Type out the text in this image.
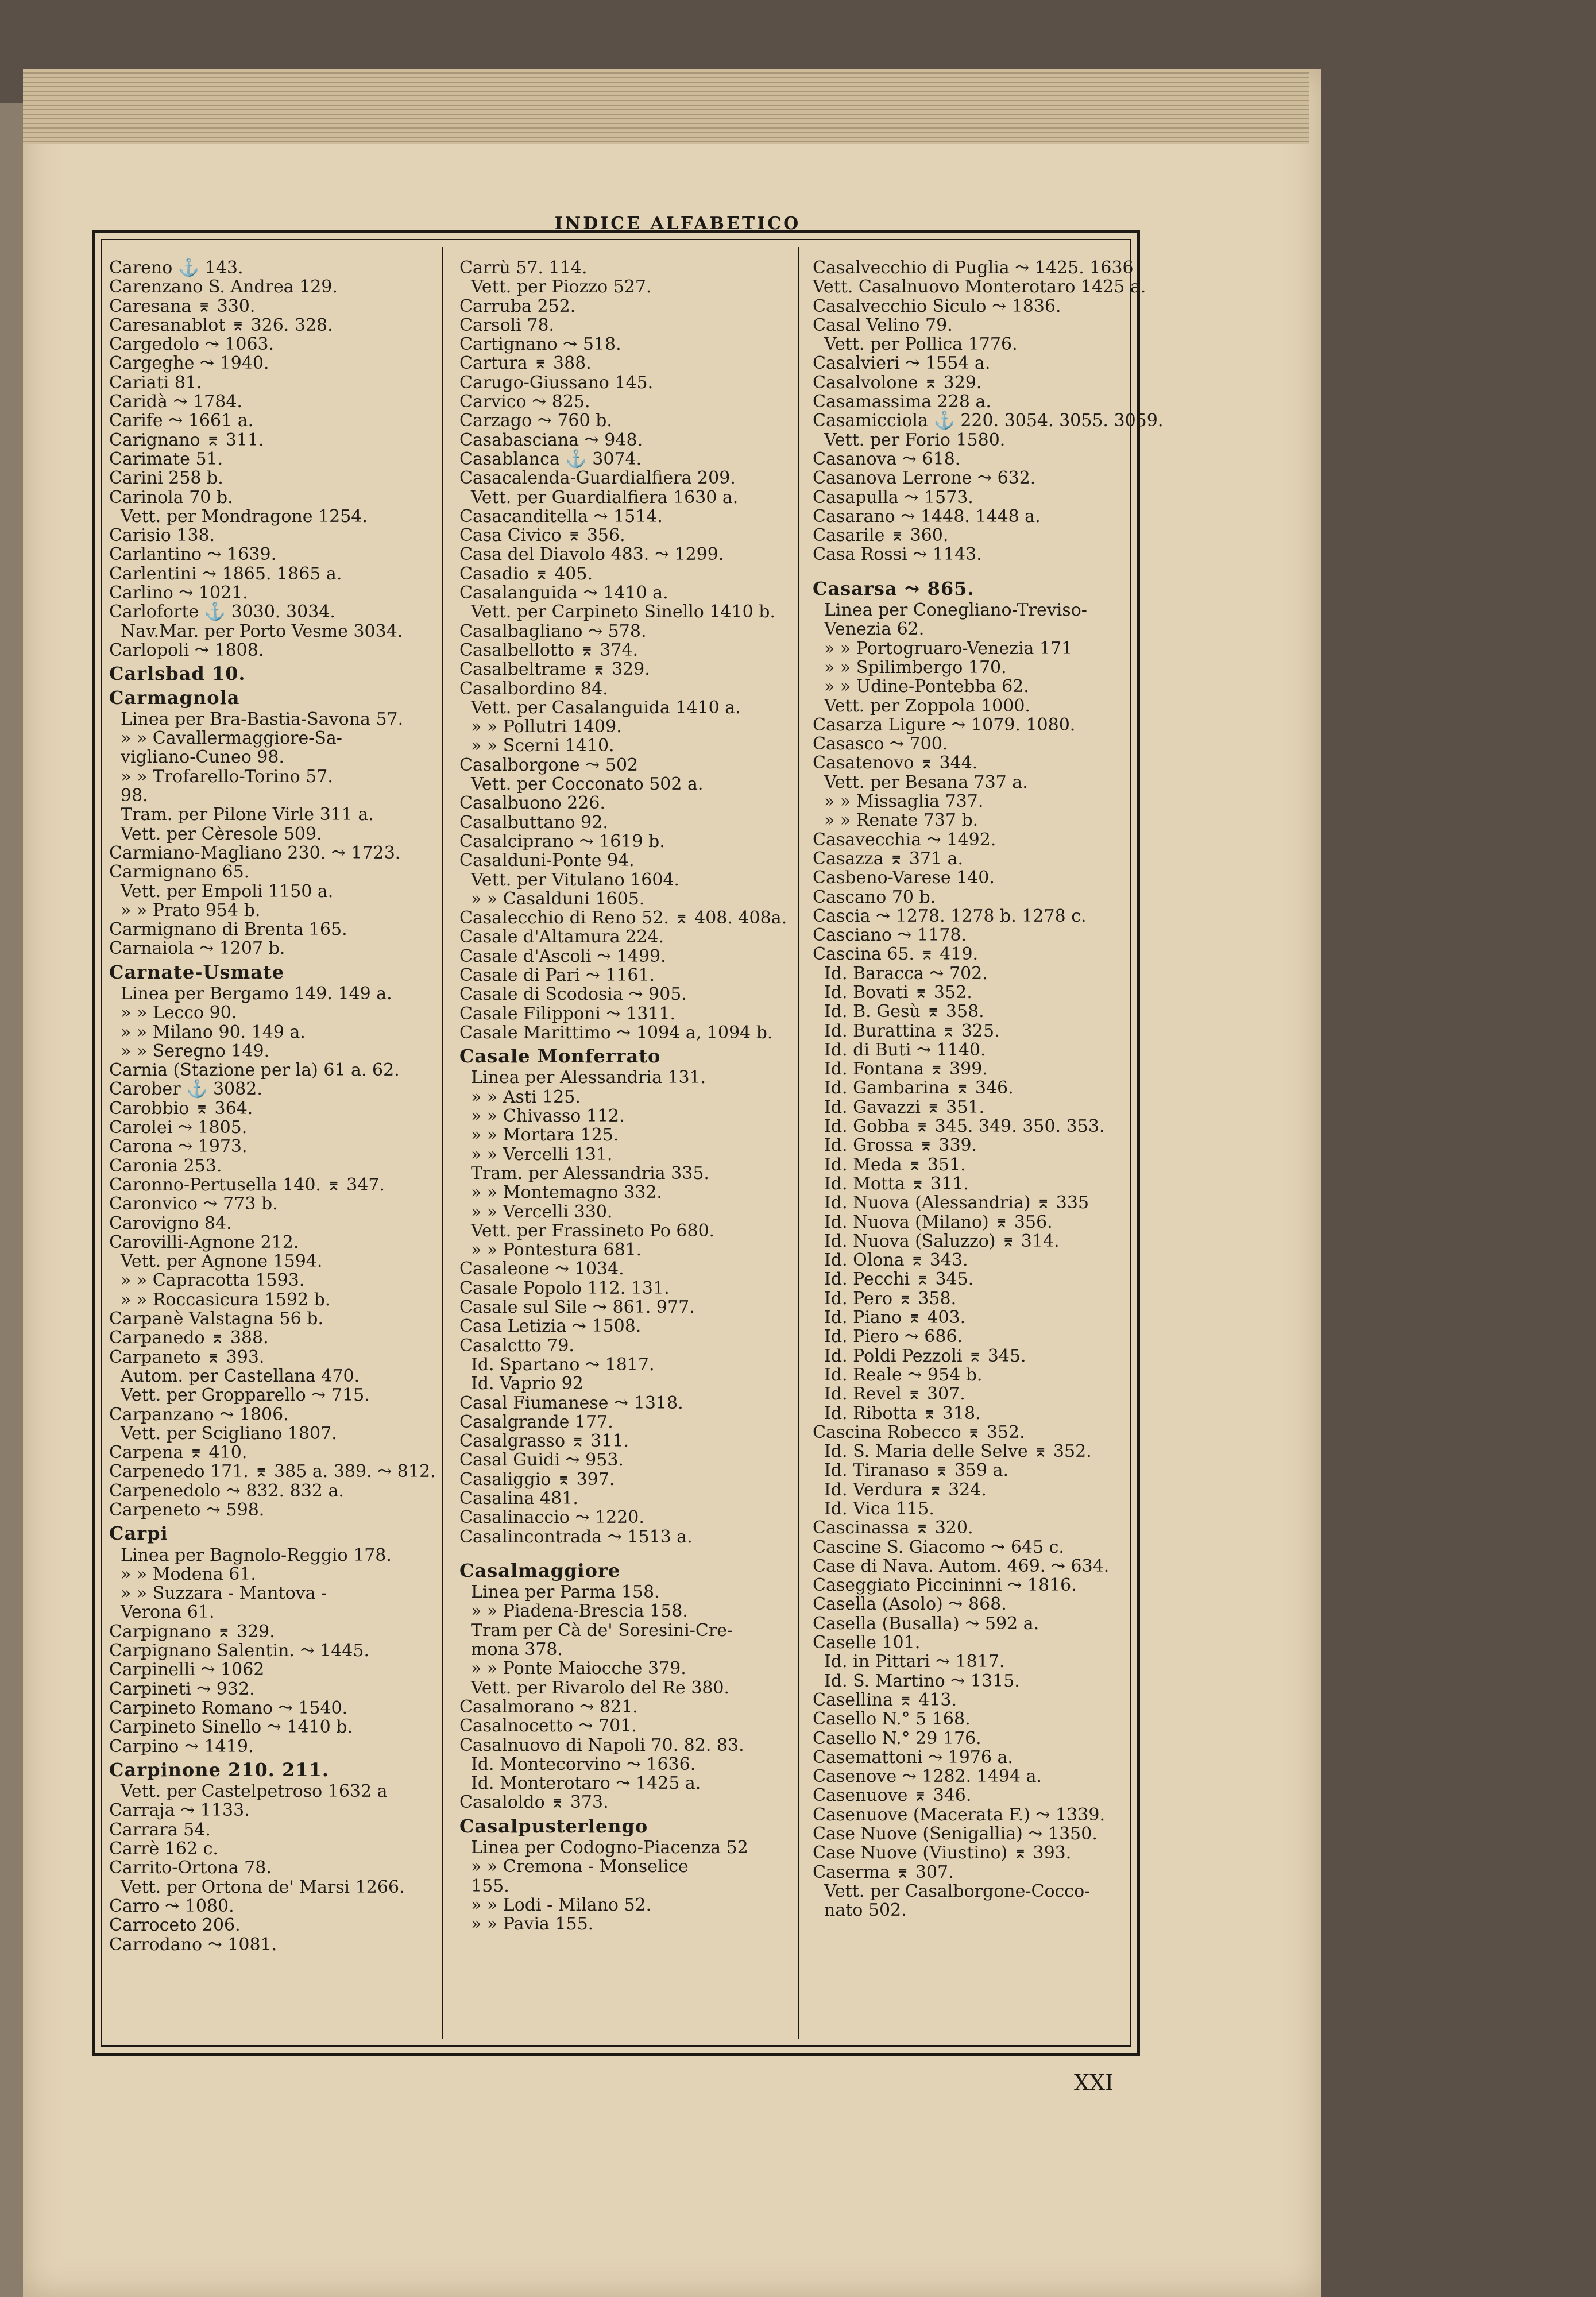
INDICE ALFABETICO
Careno ⚓ 143.
Carenzano S. Andrea 129.
Caresana ⌆ 330.
Caresanablot ⌆ 326. 328.
Cargedolo ⤳ 1063.
Cargeghe ⤳ 1940.
Cariati 81.
Caridà ⤳ 1784.
Carife ⤳ 1661 a.
Carignano ⌆ 311.
Carimate 51.
Carini 258 b.
Carinola 70 b.
Vett. per Mondragone 1254.
Carisio 138.
Carlantino ⤳ 1639.
Carlentini ⤳ 1865. 1865 a.
Carlino ⤳ 1021.
Carloforte ⚓ 3030. 3034.
Nav.Mar. per Porto Vesme 3034.
Carlopoli ⤳ 1808.
Carlsbad 10.
Carmagnola
Linea per Bra-Bastia-Savona 57.
» » Cavallermaggiore-Sa-
vigliano-Cuneo 98.
» » Trofarello-Torino 57.
98.
Tram. per Pilone Virle 311 a.
Vett. per Cèresole 509.
Carmiano-Magliano 230. ⤳ 1723.
Carmignano 65.
Vett. per Empoli 1150 a.
» » Prato 954 b.
Carmignano di Brenta 165.
Carnaiola ⤳ 1207 b.
Carnate-Usmate
Linea per Bergamo 149. 149 a.
» » Lecco 90.
» » Milano 90. 149 a.
» » Seregno 149.
Carnia (Stazione per la) 61 a. 62.
Carober ⚓ 3082.
Carobbio ⌆ 364.
Carolei ⤳ 1805.
Carona ⤳ 1973.
Caronia 253.
Caronno-Pertusella 140. ⌆ 347.
Caronvico ⤳ 773 b.
Carovigno 84.
Carovilli-Agnone 212.
Vett. per Agnone 1594.
» » Capracotta 1593.
» » Roccasicura 1592 b.
Carpanè Valstagna 56 b.
Carpanedo ⌆ 388.
Carpaneto ⌆ 393.
Autom. per Castellana 470.
Vett. per Gropparello ⤳ 715.
Carpanzano ⤳ 1806.
Vett. per Scigliano 1807.
Carpena ⌆ 410.
Carpenedo 171. ⌆ 385 a. 389. ⤳ 812.
Carpenedolo ⤳ 832. 832 a.
Carpeneto ⤳ 598.
Carpi
Linea per Bagnolo-Reggio 178.
» » Modena 61.
» » Suzzara - Mantova -
Verona 61.
Carpignano ⌆ 329.
Carpignano Salentin. ⤳ 1445.
Carpinelli ⤳ 1062
Carpineti ⤳ 932.
Carpineto Romano ⤳ 1540.
Carpineto Sinello ⤳ 1410 b.
Carpino ⤳ 1419.
Carpinone 210. 211.
Vett. per Castelpetroso 1632 a
Carraja ⤳ 1133.
Carrara 54.
Carrè 162 c.
Carrito-Ortona 78.
Vett. per Ortona de' Marsi 1266.
Carro ⤳ 1080.
Carroceto 206.
Carrodano ⤳ 1081.
Carrù 57. 114.
Vett. per Piozzo 527.
Carruba 252.
Carsoli 78.
Cartignano ⤳ 518.
Cartura ⌆ 388.
Carugo-Giussano 145.
Carvico ⤳ 825.
Carzago ⤳ 760 b.
Casabasciana ⤳ 948.
Casablanca ⚓ 3074.
Casacalenda-Guardialfiera 209.
Vett. per Guardialfiera 1630 a.
Casacanditella ⤳ 1514.
Casa Civico ⌆ 356.
Casa del Diavolo 483. ⤳ 1299.
Casadio ⌆ 405.
Casalanguida ⤳ 1410 a.
Vett. per Carpineto Sinello 1410 b.
Casalbagliano ⤳ 578.
Casalbellotto ⌆ 374.
Casalbeltrame ⌆ 329.
Casalbordino 84.
Vett. per Casalanguida 1410 a.
» » Pollutri 1409.
» » Scerni 1410.
Casalborgone ⤳ 502
Vett. per Cocconato 502 a.
Casalbuono 226.
Casalbuttano 92.
Casalciprano ⤳ 1619 b.
Casalduni-Ponte 94.
Vett. per Vitulano 1604.
» » Casalduni 1605.
Casalecchio di Reno 52. ⌆ 408. 408a.
Casale d'Altamura 224.
Casale d'Ascoli ⤳ 1499.
Casale di Pari ⤳ 1161.
Casale di Scodosia ⤳ 905.
Casale Filipponi ⤳ 1311.
Casale Marittimo ⤳ 1094 a, 1094 b.
Casale Monferrato
Linea per Alessandria 131.
» » Asti 125.
» » Chivasso 112.
» » Mortara 125.
» » Vercelli 131.
Tram. per Alessandria 335.
» » Montemagno 332.
» » Vercelli 330.
Vett. per Frassineto Po 680.
» » Pontestura 681.
Casaleone ⤳ 1034.
Casale Popolo 112. 131.
Casale sul Sile ⤳ 861. 977.
Casa Letizia ⤳ 1508.
Casalctto 79.
Id. Spartano ⤳ 1817.
Id. Vaprio 92
Casal Fiumanese ⤳ 1318.
Casalgrande 177.
Casalgrasso ⌆ 311.
Casal Guidi ⤳ 953.
Casaliggio ⌆ 397.
Casalina 481.
Casalinaccio ⤳ 1220.
Casalincontrada ⤳ 1513 a.
Casalmaggiore
Linea per Parma 158.
» » Piadena-Brescia 158.
Tram per Cà de' Soresini-Cre-
mona 378.
» » Ponte Maiocche 379.
Vett. per Rivarolo del Re 380.
Casalmorano ⤳ 821.
Casalnocetto ⤳ 701.
Casalnuovo di Napoli 70. 82. 83.
Id. Montecorvino ⤳ 1636.
Id. Monterotaro ⤳ 1425 a.
Casaloldo ⌆ 373.
Casalpusterlengo
Linea per Codogno-Piacenza 52
» » Cremona - Monselice
155.
» » Lodi - Milano 52.
» » Pavia 155.
Casalvecchio di Puglia ⤳ 1425. 1636
Vett. Casalnuovo Monterotaro 1425 a.
Casalvecchio Siculo ⤳ 1836.
Casal Velino 79.
Vett. per Pollica 1776.
Casalvieri ⤳ 1554 a.
Casalvolone ⌆ 329.
Casamassima 228 a.
Casamicciola ⚓ 220. 3054. 3055. 3059.
Vett. per Forio 1580.
Casanova ⤳ 618.
Casanova Lerrone ⤳ 632.
Casapulla ⤳ 1573.
Casarano ⤳ 1448. 1448 a.
Casarile ⌆ 360.
Casa Rossi ⤳ 1143.
Casarsa ⤳ 865.
Linea per Conegliano-Treviso-
Venezia 62.
» » Portogruaro-Venezia 171
» » Spilimbergo 170.
» » Udine-Pontebba 62.
Vett. per Zoppola 1000.
Casarza Ligure ⤳ 1079. 1080.
Casasco ⤳ 700.
Casatenovo ⌆ 344.
Vett. per Besana 737 a.
» » Missaglia 737.
» » Renate 737 b.
Casavecchia ⤳ 1492.
Casazza ⌆ 371 a.
Casbeno-Varese 140.
Cascano 70 b.
Cascia ⤳ 1278. 1278 b. 1278 c.
Casciano ⤳ 1178.
Cascina 65. ⌆ 419.
Id. Baracca ⤳ 702.
Id. Bovati ⌆ 352.
Id. B. Gesù ⌆ 358.
Id. Burattina ⌆ 325.
Id. di Buti ⤳ 1140.
Id. Fontana ⌆ 399.
Id. Gambarina ⌆ 346.
Id. Gavazzi ⌆ 351.
Id. Gobba ⌆ 345. 349. 350. 353.
Id. Grossa ⌆ 339.
Id. Meda ⌆ 351.
Id. Motta ⌆ 311.
Id. Nuova (Alessandria) ⌆ 335
Id. Nuova (Milano) ⌆ 356.
Id. Nuova (Saluzzo) ⌆ 314.
Id. Olona ⌆ 343.
Id. Pecchi ⌆ 345.
Id. Pero ⌆ 358.
Id. Piano ⌆ 403.
Id. Piero ⤳ 686.
Id. Poldi Pezzoli ⌆ 345.
Id. Reale ⤳ 954 b.
Id. Revel ⌆ 307.
Id. Ribotta ⌆ 318.
Cascina Robecco ⌆ 352.
Id. S. Maria delle Selve ⌆ 352.
Id. Tiranaso ⌆ 359 a.
Id. Verdura ⌆ 324.
Id. Vica 115.
Cascinassa ⌆ 320.
Cascine S. Giacomo ⤳ 645 c.
Case di Nava. Autom. 469. ⤳ 634.
Caseggiato Piccininni ⤳ 1816.
Casella (Asolo) ⤳ 868.
Casella (Busalla) ⤳ 592 a.
Caselle 101.
Id. in Pittari ⤳ 1817.
Id. S. Martino ⤳ 1315.
Casellina ⌆ 413.
Casello N.° 5 168.
Casello N.° 29 176.
Casemattoni ⤳ 1976 a.
Casenove ⤳ 1282. 1494 a.
Casenuove ⌆ 346.
Casenuove (Macerata F.) ⤳ 1339.
Case Nuove (Senigallia) ⤳ 1350.
Case Nuove (Viustino) ⌆ 393.
Caserma ⌆ 307.
Vett. per Casalborgone-Cocco-
nato 502.
XXI
